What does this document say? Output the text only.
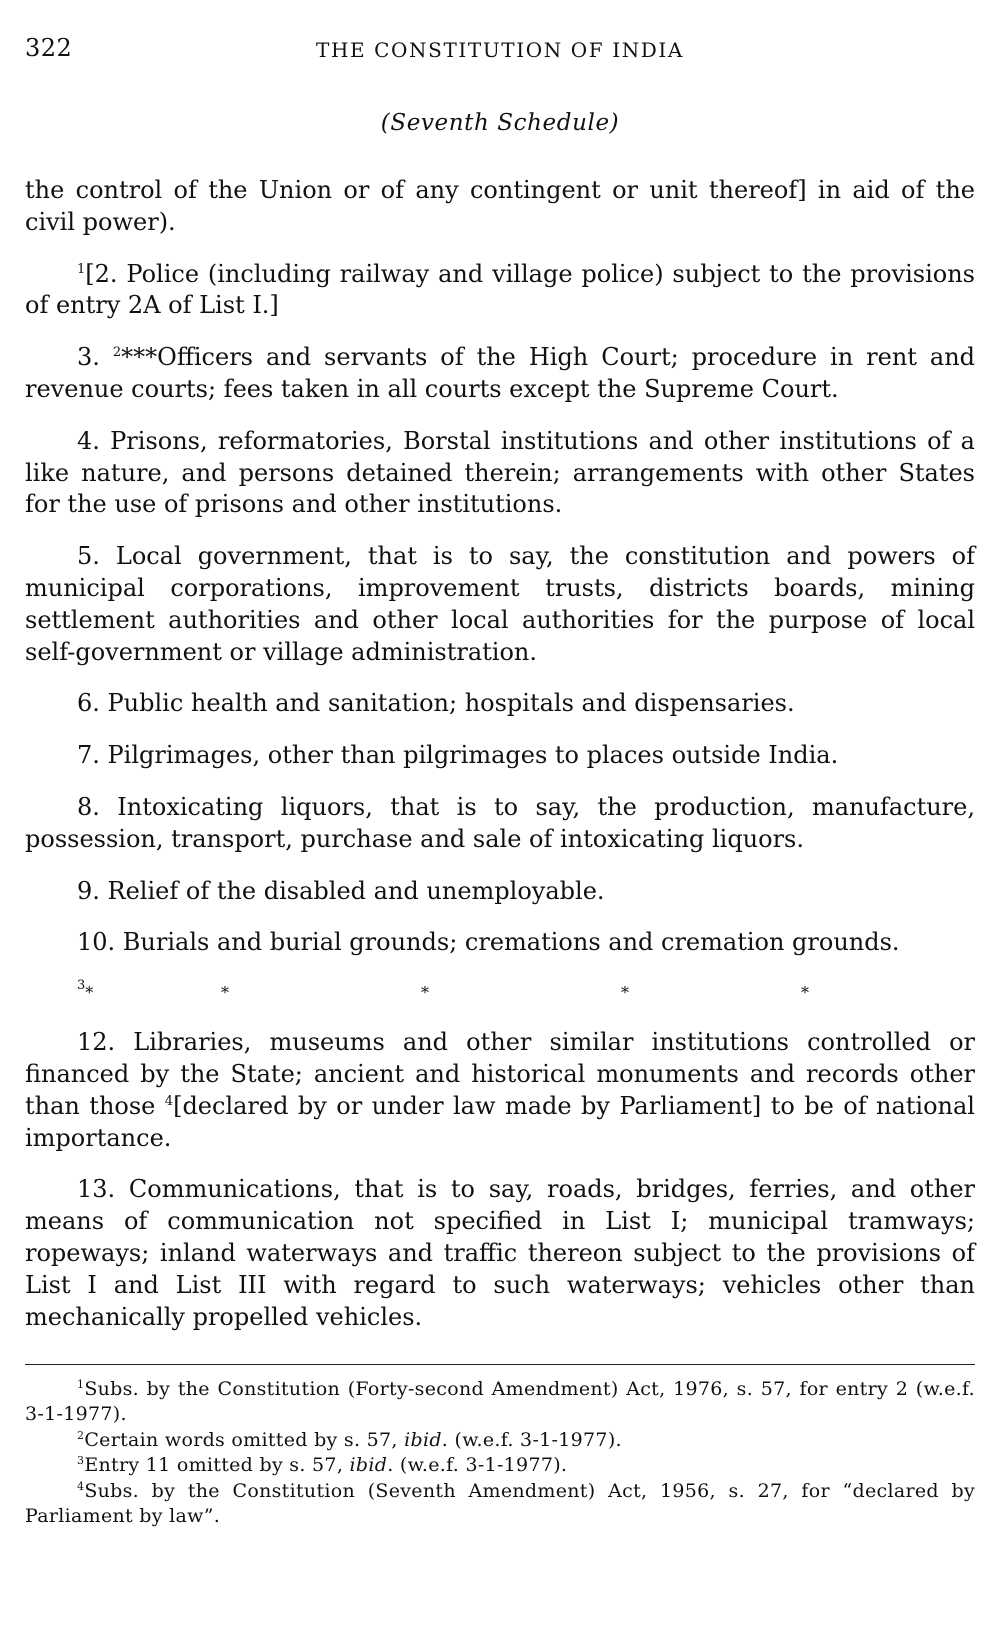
322	THE CONSTITUTION OF INDIA
(Seventh Schedule)

the control of the Union or of any contingent or unit thereof] in aid of the civil power).

$^1$[2. Police (including railway and village police) subject to the provisions of entry 2A of List I.]

3. $^2$***Officers and servants of the High Court; procedure in rent and revenue courts; fees taken in all courts except the Supreme Court.

4. Prisons, reformatories, Borstal institutions and other institutions of a like nature, and persons detained therein; arrangements with other States for the use of prisons and other institutions.

5. Local government, that is to say, the constitution and powers of municipal corporations, improvement trusts, districts boards, mining settlement authorities and other local authorities for the purpose of local self-government or village administration.

6. Public health and sanitation; hospitals and dispensaries.

7. Pilgrimages, other than pilgrimages to places outside India.

8. Intoxicating liquors, that is to say, the production, manufacture, possession, transport, purchase and sale of intoxicating liquors.

9. Relief of the disabled and unemployable.

10. Burials and burial grounds; cremations and cremation grounds.

$^3$ *	*	*	*	*

12. Libraries, museums and other similar institutions controlled or financed by the State; ancient and historical monuments and records other than those $^4$[declared by or under law made by Parliament] to be of national importance.

13. Communications, that is to say, roads, bridges, ferries, and other means of communication not specified in List I; municipal tramways; ropeways; inland waterways and traffic thereon subject to the provisions of List I and List III with regard to such waterways; vehicles other than mechanically propelled vehicles.

$^1$Subs. by the Constitution (Forty-second Amendment) Act, 1976, s. 57, for entry 2 (w.e.f. 3-1-1977).

$^2$Certain words omitted by s. 57, ibid. (w.e.f. 3-1-1977).

$^3$Entry 11 omitted by s. 57, ibid. (w.e.f. 3-1-1977).

$^4$Subs. by the Constitution (Seventh Amendment) Act, 1956, s. 27, for “declared by Parliament by law”.
